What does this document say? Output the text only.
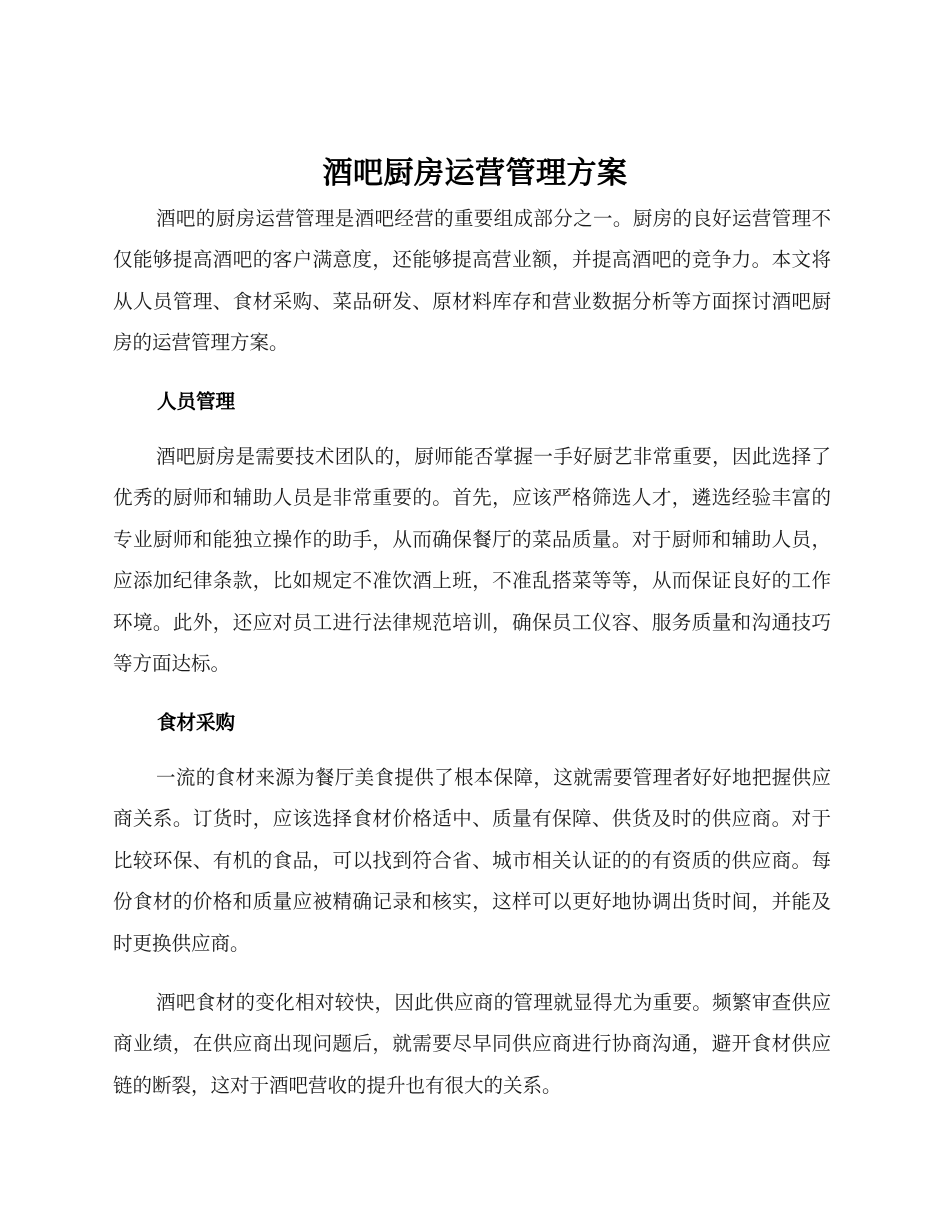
酒吧厨房运营管理方案

酒吧的厨房运营管理是酒吧经营的重要组成部分之一。厨房的良好运营管理不仅能够提高酒吧的客户满意度，还能够提高营业额，并提高酒吧的竞争力。本文将从人员管理、食材采购、菜品研发、原材料库存和营业数据分析等方面探讨酒吧厨房的运营管理方案。

人员管理

酒吧厨房是需要技术团队的，厨师能否掌握一手好厨艺非常重要，因此选择了优秀的厨师和辅助人员是非常重要的。首先，应该严格筛选人才，遴选经验丰富的专业厨师和能独立操作的助手，从而确保餐厅的菜品质量。对于厨师和辅助人员，应添加纪律条款，比如规定不准饮酒上班，不准乱搭菜等等，从而保证良好的工作环境。此外，还应对员工进行法律规范培训，确保员工仪容、服务质量和沟通技巧等方面达标。

食材采购

一流的食材来源为餐厅美食提供了根本保障，这就需要管理者好好地把握供应商关系。订货时，应该选择食材价格适中、质量有保障、供货及时的供应商。对于比较环保、有机的食品，可以找到符合省、城市相关认证的的有资质的供应商。每份食材的价格和质量应被精确记录和核实，这样可以更好地协调出货时间，并能及时更换供应商。

酒吧食材的变化相对较快，因此供应商的管理就显得尤为重要。频繁审查供应商业绩，在供应商出现问题后，就需要尽早同供应商进行协商沟通，避开食材供应链的断裂，这对于酒吧营收的提升也有很大的关系。
